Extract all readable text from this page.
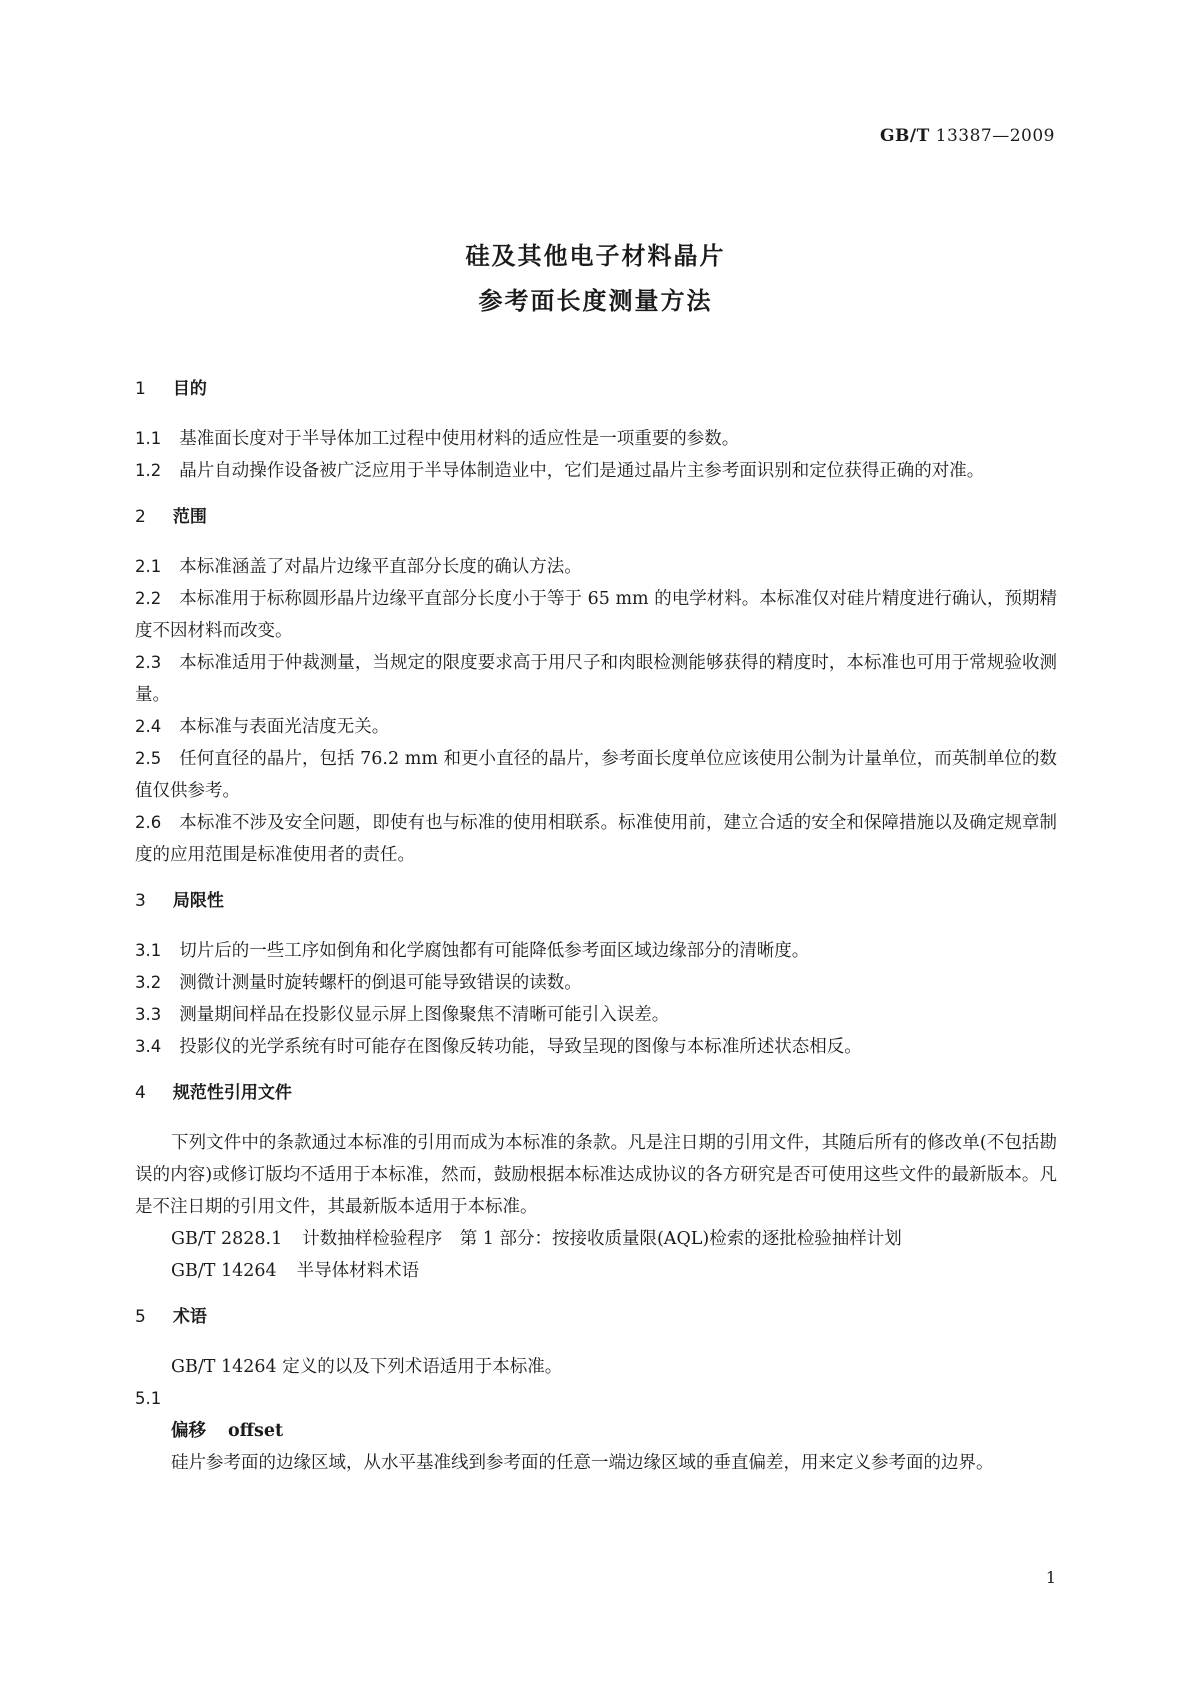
GB/T 13387—2009
硅及其他电子材料晶片
参考面长度测量方法
1 目的

1.1 基准面长度对于半导体加工过程中使用材料的适应性是一项重要的参数。

1.2 晶片自动操作设备被广泛应用于半导体制造业中，它们是通过晶片主参考面识别和定位获得正确的对准。

2 范围

2.1 本标准涵盖了对晶片边缘平直部分长度的确认方法。

2.2 本标准用于标称圆形晶片边缘平直部分长度小于等于 65 mm 的电学材料。本标准仅对硅片精度进行确认，预期精度不因材料而改变。

2.3 本标准适用于仲裁测量，当规定的限度要求高于用尺子和肉眼检测能够获得的精度时，本标准也可用于常规验收测量。

2.4 本标准与表面光洁度无关。

2.5 任何直径的晶片，包括 76.2 mm 和更小直径的晶片，参考面长度单位应该使用公制为计量单位，而英制单位的数值仅供参考。

2.6 本标准不涉及安全问题，即使有也与标准的使用相联系。标准使用前，建立合适的安全和保障措施以及确定规章制度的应用范围是标准使用者的责任。

3 局限性

3.1 切片后的一些工序如倒角和化学腐蚀都有可能降低参考面区域边缘部分的清晰度。

3.2 测微计测量时旋转螺杆的倒退可能导致错误的读数。

3.3 测量期间样品在投影仪显示屏上图像聚焦不清晰可能引入误差。

3.4 投影仪的光学系统有时可能存在图像反转功能，导致呈现的图像与本标准所述状态相反。

4 规范性引用文件

下列文件中的条款通过本标准的引用而成为本标准的条款。凡是注日期的引用文件，其随后所有的修改单(不包括勘误的内容)或修订版均不适用于本标准，然而，鼓励根据本标准达成协议的各方研究是否可使用这些文件的最新版本。凡是不注日期的引用文件，其最新版本适用于本标准。

GB/T 2828.1 计数抽样检验程序　第 1 部分：按接收质量限(AQL)检索的逐批检验抽样计划

GB/T 14264 半导体材料术语

5 术语

GB/T 14264 定义的以及下列术语适用于本标准。

5.1

偏移 offset

硅片参考面的边缘区域，从水平基准线到参考面的任意一端边缘区域的垂直偏差，用来定义参考面的边界。

1
